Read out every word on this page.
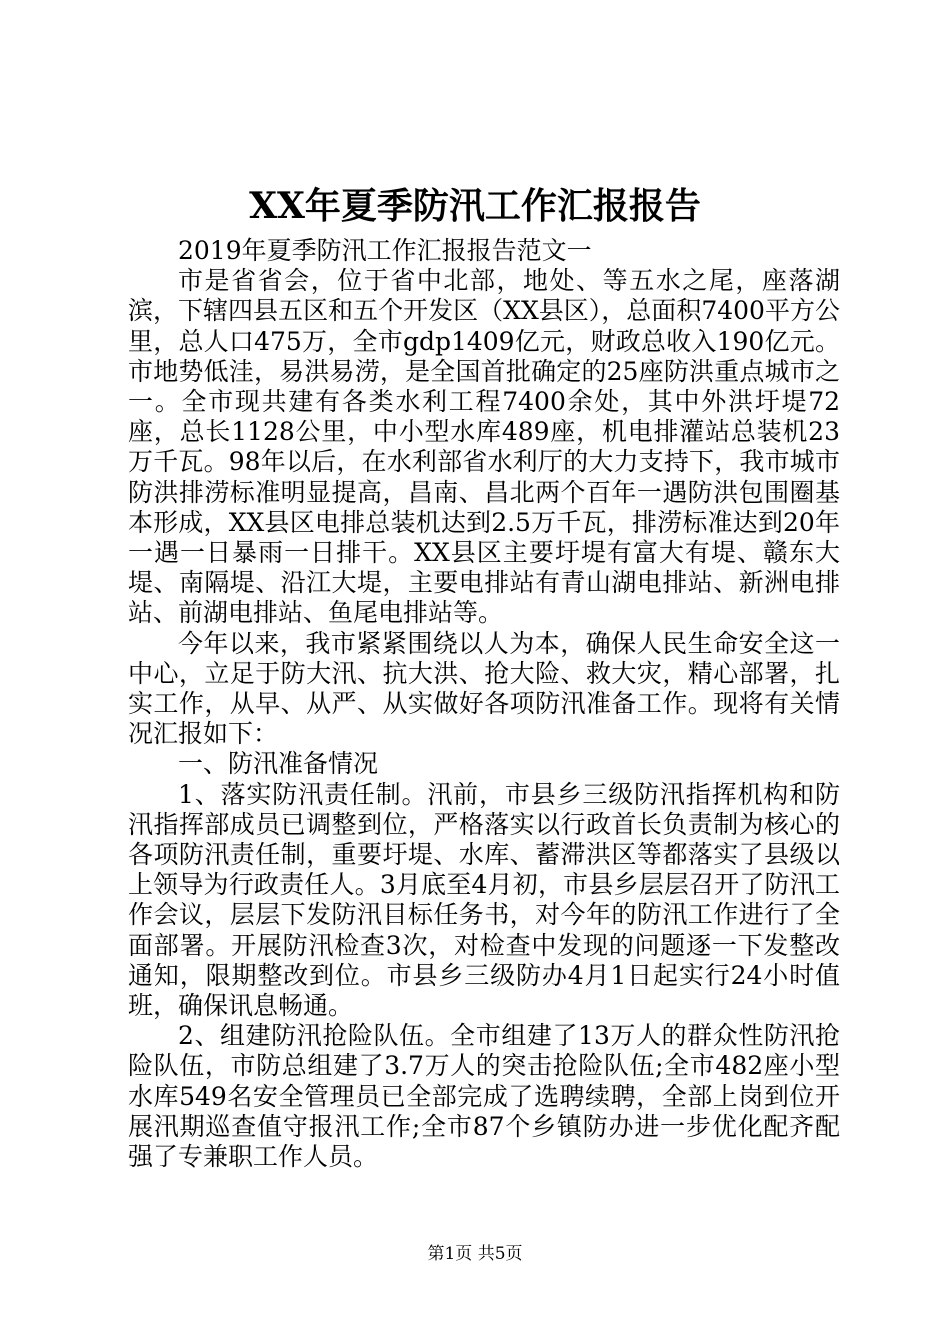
XX年夏季防汛工作汇报报告

2019年夏季防汛工作汇报报告范文一

市是省省会，位于省中北部，地处、等五水之尾，座落湖滨，下辖四县五区和五个开发区（XX县区），总面积7400平方公里，总人口475万，全市gdp1409亿元，财政总收入190亿元。市地势低洼，易洪易涝，是全国首批确定的25座防洪重点城市之一。全市现共建有各类水利工程7400余处，其中外洪圩堤72座，总长1128公里，中小型水库489座，机电排灌站总装机23万千瓦。98年以后，在水利部省水利厅的大力支持下，我市城市防洪排涝标准明显提高，昌南、昌北两个百年一遇防洪包围圈基本形成，XX县区电排总装机达到2.5万千瓦，排涝标准达到20年一遇一日暴雨一日排干。XX县区主要圩堤有富大有堤、赣东大堤、南隔堤、沿江大堤，主要电排站有青山湖电排站、新洲电排站、前湖电排站、鱼尾电排站等。

今年以来，我市紧紧围绕以人为本，确保人民生命安全这一中心，立足于防大汛、抗大洪、抢大险、救大灾，精心部署，扎实工作，从早、从严、从实做好各项防汛准备工作。现将有关情况汇报如下：

一、防汛准备情况

1、落实防汛责任制。汛前，市县乡三级防汛指挥机构和防汛指挥部成员已调整到位，严格落实以行政首长负责制为核心的各项防汛责任制，重要圩堤、水库、蓄滞洪区等都落实了县级以上领导为行政责任人。3月底至4月初，市县乡层层召开了防汛工作会议，层层下发防汛目标任务书，对今年的防汛工作进行了全面部署。开展防汛检查3次，对检查中发现的问题逐一下发整改通知，限期整改到位。市县乡三级防办4月1日起实行24小时值班，确保讯息畅通。

2、组建防汛抢险队伍。全市组建了13万人的群众性防汛抢险队伍，市防总组建了3.7万人的突击抢险队伍;全市482座小型水库549名安全管理员已全部完成了选聘续聘，全部上岗到位开展汛期巡查值守报汛工作;全市87个乡镇防办进一步优化配齐配强了专兼职工作人员。

第1页 共5页
